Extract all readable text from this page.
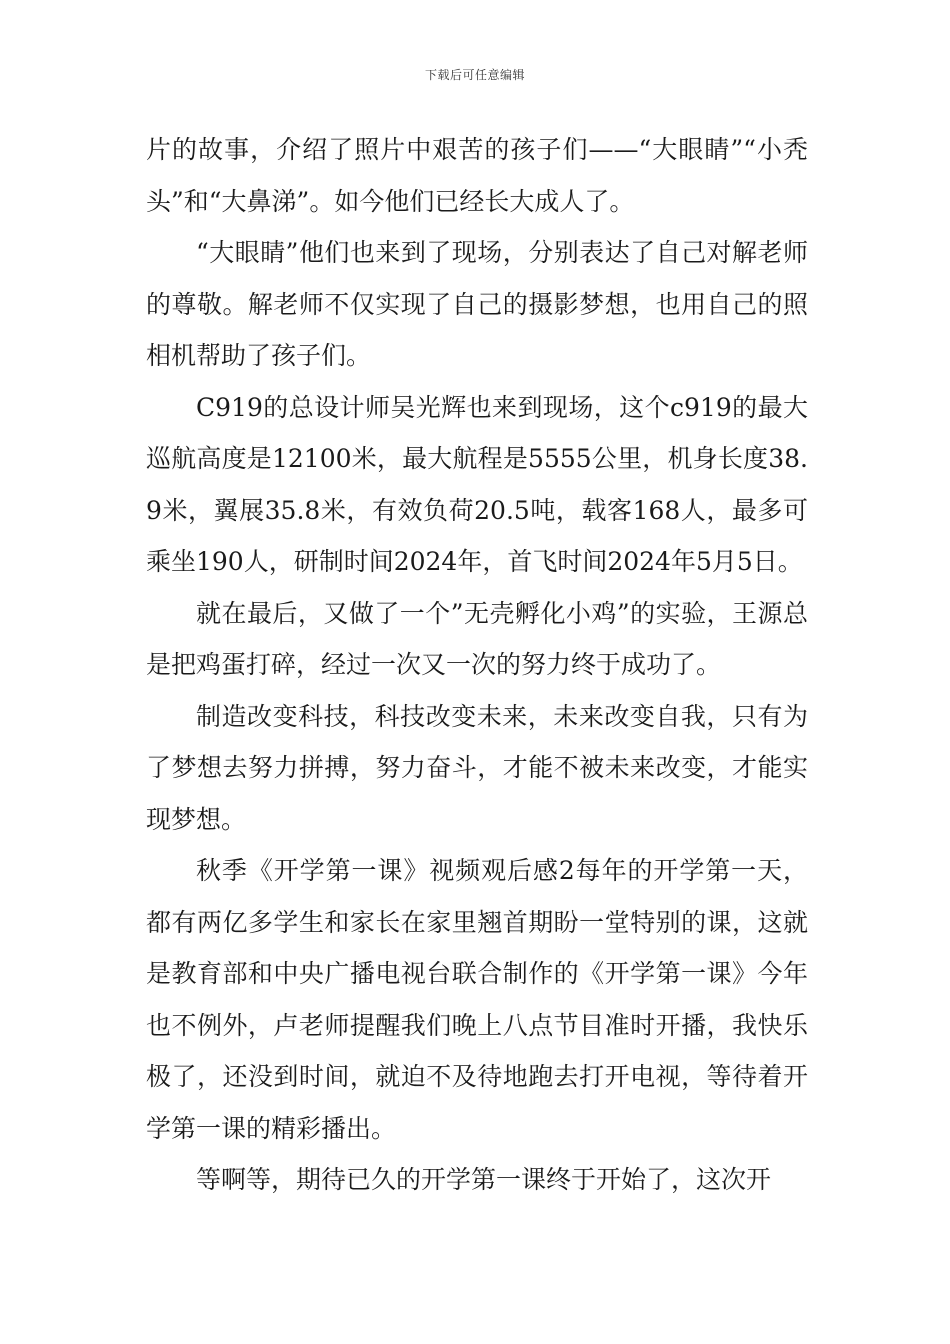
下载后可任意编辑

片的故事，介绍了照片中艰苦的孩子们——“大眼睛”“小秃头”和“大鼻涕”。如今他们已经长大成人了。

“大眼睛”他们也来到了现场，分别表达了自己对解老师的尊敬。解老师不仅实现了自己的摄影梦想，也用自己的照相机帮助了孩子们。

C919的总设计师吴光辉也来到现场，这个c919的最大巡航高度是12100米，最大航程是5555公里，机身长度38.9米，翼展35.8米，有效负荷20.5吨，载客168人，最多可乘坐190人，研制时间2024年，首飞时间2024年5月5日。

就在最后，又做了一个”无壳孵化小鸡”的实验，王源总是把鸡蛋打碎，经过一次又一次的努力终于成功了。

制造改变科技，科技改变未来，未来改变自我，只有为了梦想去努力拼搏，努力奋斗，才能不被未来改变，才能实现梦想。

秋季《开学第一课》视频观后感2每年的开学第一天，都有两亿多学生和家长在家里翘首期盼一堂特别的课，这就是教育部和中央广播电视台联合制作的《开学第一课》今年也不例外，卢老师提醒我们晚上八点节目准时开播，我快乐极了，还没到时间，就迫不及待地跑去打开电视，等待着开学第一课的精彩播出。

等啊等，期待已久的开学第一课终于开始了，这次开
